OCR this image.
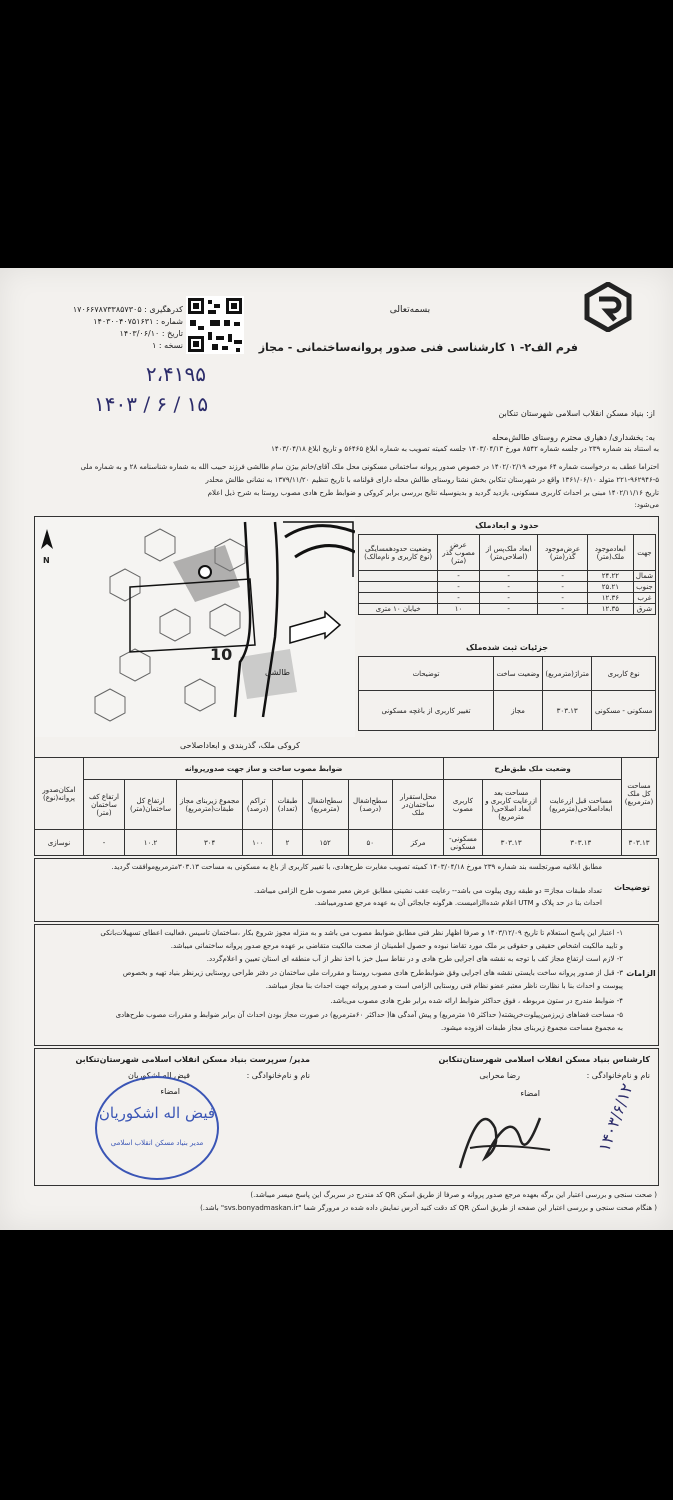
بسمه‌تعالی
فرم الف۲- ۱ کارشناسی فنی صدور پروانه‌ساختمانی - مجاز
کدرهگیری : ۱۷۰۶۶۷۸۷۳۳۸۵۷۳۰۵
شماره : ۱۴۰۳۰۰۴۰۷۵۱۶۳۱
تاریخ : ۱۴۰۳/۰۶/۱۰
نسخه : ۱
۲،۴۱۹۵
۱۴۰۳ / ۶ / ۱۵	از: بنیاد مسکن انقلاب اسلامی شهرستان تنکابن
به: بخشداری/ دهیاری محترم روستای طالش‌محله
به استناد بند شماره ۲۳۹ در جلسه شماره ۸۵۴۲ مورخ ۱۴۰۳/۰۴/۱۳ جلسه کمیته تصویب به شماره ابلاغ ۵۶۴۶۵ و تاریخ ابلاغ ۱۴۰۳/۰۴/۱۸
احتراما عطف به درخواست شماره ۶۴ مورخه ۱۴۰۲/۰۲/۱۹ در خصوص صدور پروانه ساختمانی مسکونی محل ملک آقای/خانم بیژن سام طالشی فرزند حبیب الله به شماره شناسنامه ۲۸ و به شماره ملی
۲۲۱-۹۶۲۹۴۶-۵ متولد ۱۳۶۱/۰۶/۱۰ واقع در شهرستان تنکابن بخش نشتا روستای طالش محله دارای قولنامه با تاریخ تنظیم ۱۳۷۹/۱۱/۲۰ به نشانی طالش محلدر
تاریخ ۱۴۰۲/۱۱/۱۶ مبنی بر احداث کاربری مسکونی، بازدید گردید و بدینوسیله نتایج بررسی برابر کروکی و ضوابط طرح هادی مصوب روستا به شرح ذیل اعلام
می‌شود:
N
طالشی
10
کروکی ملک، گذربندی و ابعاداصلاحی
حدود و ابعادملک
جهت	ابعادموجود ملک(متر)	عرض‌موجود گذر(متر)	ابعاد ملک‌پس از (اصلاحی‌متر)	عرض مصوب گذر (متر)	وضعیت حدودهمسایگی (نوع کاربری و نام‌مالک)
شمال	۲۴.۲۲	-	-	-	
جنوب	۲۵.۲۱	-	-	-	
غرب	۱۲.۳۶	-	-	-	
شرق	۱۲.۳۵	-	-	۱۰	خیابان ۱۰ متری
جزئیات ثبت شده‌ملک
نوع کاربری	متراژ(مترمربع)	وضعیت ساخت	توضیحات
مسکونی - مسکونی	۳۰۳.۱۳	مجاز	تغییر کاربری از باغچه مسکونی
مساحت کل ملک (مترمربع)	وضعیت ملک طبق‌طرح			ضوابط مصوب ساخت و ساز جهت صدور‌پروانه								امکان‌صدور پروانه(نوع)
	مساحت قبل ازرعایت ابعاداصلاحی(مترمربع)	مساحت بعد ازرعایت کاربری و ابعاد اصلاحی( مترمربع)	کاربری مصوب	محل‌استقرار ساختمان‌در ملک	سطح‌اشغال (درصد)	سطح‌اشغال (مترمربع)	طبقات (تعداد)	تراکم (درصد)	مجموع زیربنای مجاز طبقات(مترمربع)	ارتفاع کل ساختمان(متر)	ارتفاع کف ساختمان (متر)	
۳۰۳.۱۳	۳۰۳.۱۳	۳۰۳.۱۳	مسکونی- مسکونی	مرکز	۵۰	۱۵۲	۲	۱۰۰	۳۰۴	۱۰.۲	-	نوسازی
توضیحات
مطابق ابلاغیه صورتجلسه بند شماره ۲۳۹ مورخ ۱۴۰۳/۰۴/۱۸ کمیته تصویب مغایرت طرح‌هادی، با تغییر کاربری از باغ به مسکونی به مساحت ۳۰۳.۱۳مترمربع‌موافقت گردید.
تعداد طبقات مجاز= دو طبقه روی پیلوت می باشد-- رعایت عقب نشینی مطابق عرض معبر مصوب طرح الزامی میباشد.
احداث بنا در حد پلاک و UTM اعلام شده‌الزامیست. هرگونه جابجائی آن به عهده مرجع صدورمیباشد.
الزامات
۱- اعتبار این پاسخ استعلام تا تاریخ ۱۴۰۳/۱۲/۰۹ و صرفا اظهار نظر فنی مطابق ضوابط مصوب می باشد و به منزله مجوز شروع بکار ،ساختمان تاسیس ،فعالیت اعطای تسهیلات‌بانکی
و تایید مالکیت اشخاص حقیقی و حقوقی بر ملک مورد تقاضا نبوده و حصول اطمینان از صحت مالکیت متقاضی بر عهده مرجع صدور پروانه ساختمانی میباشد.
۲- لازم است ارتفاع مجاز کف با توجه به نقشه های اجرایی طرح هادی و در نقاط سیل خیز با اخذ نظر از آب منطقه ای استان تعیین و اعلام‌گردد.
۳- قبل از صدور پروانه ساخت بایستی نقشه های اجرایی وفق ضوابط‌طرح هادی مصوب روستا و مقررات ملی ساختمان در دفتر طراحی روستایی زیرنظر بنیاد تهیه و بخصوص
پیوست و احداث بنا با نظارت ناظر معتبر عضو نظام فنی روستایی الزامی است و صدور پروانه جهت احداث بنا مجاز میباشد.
۴- ضوابط مندرج در ستون مربوطه ، فوق حداکثر ضوابط ارائه شده برابر طرح هادی مصوب می‌باشد.
۵- مساحت فضاهای زیرزمین‌پیلوت‌خرپشته( حداکثر ۱۵ مترمربع) و پیش آمدگی ها( حداکثر ۶۰مترمربع) در صورت مجاز بودن احداث آن برابر ضوابط و مقررات مصوب طرح‌هادی
به مجموع مساحت مجموع زیربنای مجاز طبقات افزوده میشود.
کارشناس بنیاد مسکن انقلاب اسلامی شهرستان‌تنکابن
نام و نام‌خانوادگی :
رضا محرابی
امضاء	۱۴۰۳/۶/۱۲
مدیر/ سرپرست بنیاد مسکن انقلاب اسلامی شهرستان‌تنکابن
نام و نام‌خانوادگی :
فیض اله اشکوریان
امضاء
فیض اله اشکوریان
مدیر بنیاد مسکن انقلاب اسلامی
( صحت سنجی و بررسی اعتبار این برگه بعهده مرجع صدور پروانه و صرفا از طریق اسکن QR کد مندرج در سربرگ این پاسخ میسر میباشد.)
( هنگام صحت سنجی و بررسی اعتبار این صفحه از طریق اسکن QR کد دقت کنید آدرس نمایش داده شده در مرورگر شما "svs.bonyadmaskan.ir" باشد.)
